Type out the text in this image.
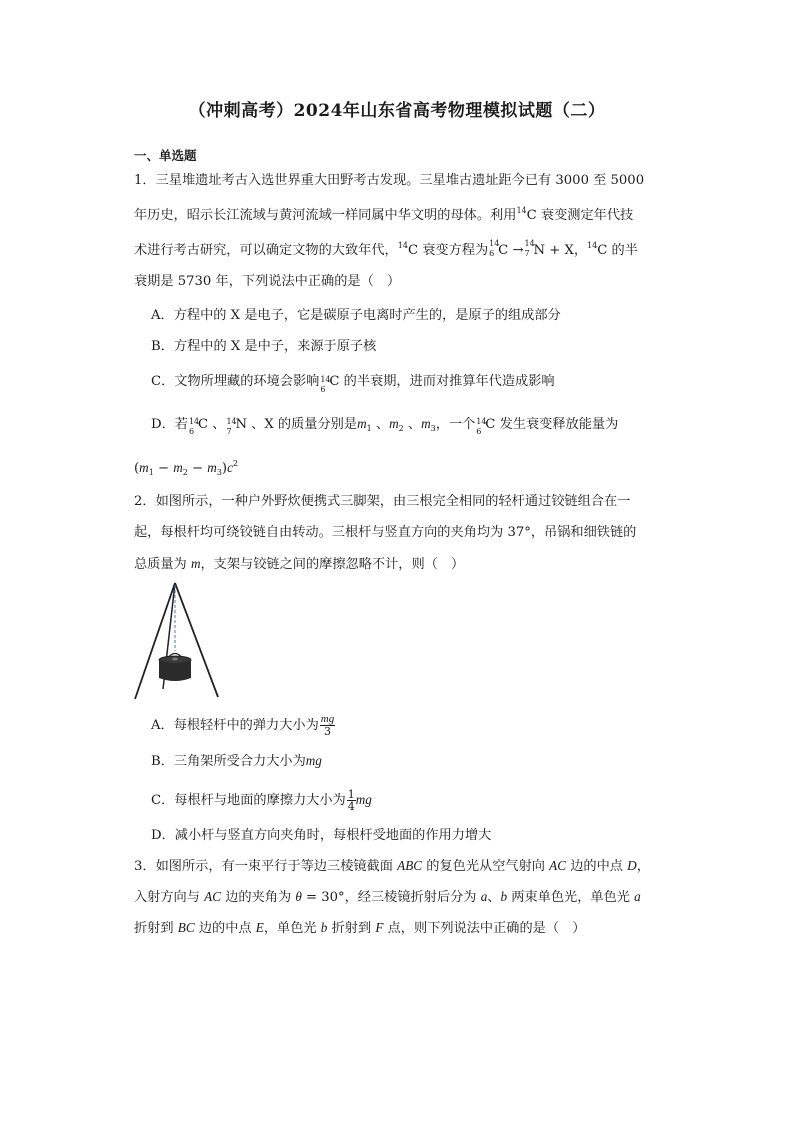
（冲刺高考）2024年山东省高考物理模拟试题（二）
一、单选题
1．三星堆遗址考古入选世界重大田野考古发现。三星堆古遗址距今已有 3000 至 5000
年历史，昭示长江流域与黄河流域一样同属中华文明的母体。利用$^{14}$C 衰变测定年代技
术进行考古研究，可以确定文物的大致年代，$^{14}$C 衰变方程为 14
6 C → 14
7 N + X，$^{14}$C 的半
衰期是 5730 年，下列说法中正确的是（　）
A．方程中的 X 是电子，它是碳原子电离时产生的，是原子的组成部分
B．方程中的 X 是中子，来源于原子核
C．文物所埋藏的环境会影响 14
6
C 的半衰期，进而对推算年代造成影响
D．若 14
6 C 、 14
7 N 、X 的质量分别是$m_1$ 、$m_2$ 、$m_3$，一个 14
6 C 发生衰变释放能量为
$(m_1 - m_2 - m_3)c^2$
2．如图所示，一种户外野炊便携式三脚架，由三根完全相同的轻杆通过铰链组合在一
起，每根杆均可绕铰链自由转动。三根杆与竖直方向的夹角均为 37°，吊锅和细铁链的
总质量为 m，支架与铰链之间的摩擦忽略不计，则（　）
A．每根轻杆中的弹力大小为 $\frac{mg}{3}$
B．三角架所受合力大小为mg
C．每根杆与地面的摩擦力大小为 $\frac{1}{4}$ mg
D．减小杆与竖直方向夹角时，每根杆受地面的作用力增大
3．如图所示，有一束平行于等边三棱镜截面 ABC 的复色光从空气射向 AC 边的中点 D，
入射方向与 AC 边的夹角为 θ = 30°，经三棱镜折射后分为 a、b 两束单色光，单色光 a
折射到 BC 边的中点 E，单色光 b 折射到 F 点，则下列说法中正确的是（　）
